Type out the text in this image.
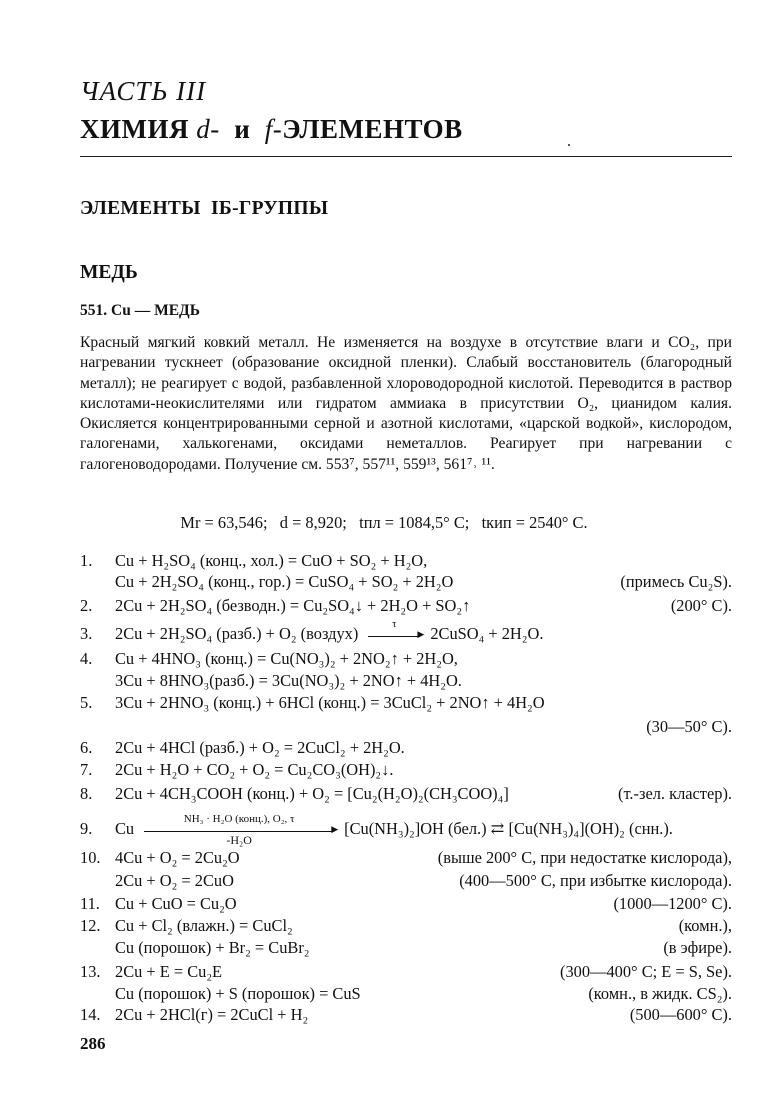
ЧАСТЬ III
ХИМИЯ d-  и  f-ЭЛЕМЕНТОВ
ЭЛЕМЕНТЫ  IБ-ГРУППЫ
МЕДЬ
551. Cu — МЕДЬ
Красный мягкий ковкий металл. Не изменяется на воздухе в отсутствие влаги и CO₂, при нагревании тускнеет (образование оксидной пленки). Слабый восстановитель (благородный металл); не реагирует с водой, разбавленной хлороводородной кислотой. Переводится в раствор кислотами-неокислителями или гидратом аммиака в присутствии O₂, цианидом калия. Окисляется концентрированными серной и азотной кислотами, «царской водкой», кислородом, галогенами, халькогенами, оксидами неметаллов. Реагирует при нагревании с галогеноводородами. Получение см. 553⁷, 557¹¹, 559¹³, 561⁷˒ ¹¹.
Mr = 63,546;   d = 8,920;   tпл = 1084,5° C;   tкип = 2540° C.
1. Cu + H₂SO₄ (конц., хол.) = CuO + SO₂ + H₂O,
Cu + 2H₂SO₄ (конц., гор.) = CuSO₄ + SO₂ + 2H₂O	(примесь Cu₂S).
2. 2Cu + 2H₂SO₄ (безводн.) = Cu₂SO₄↓ + 2H₂O + SO₂↑	(200° C).
3. 2Cu + 2H₂SO₄ (разб.) + O₂ (воздух)
τ
▶ 2CuSO₄ + 2H₂O.
4. Cu + 4HNO₃ (конц.) = Cu(NO₃)₂ + 2NO₂↑ + 2H₂O,
3Cu + 8HNO₃(разб.) = 3Cu(NO₃)₂ + 2NO↑ + 4H₂O.
5. 3Cu + 2HNO₃ (конц.) + 6HCl (конц.) = 3CuCl₂ + 2NO↑ + 4H₂O
(30—50° C).
6. 2Cu + 4HCl (разб.) + O₂ = 2CuCl₂ + 2H₂O.
7. 2Cu + H₂O + CO₂ + O₂ = Cu₂CO₃(OH)₂↓.
8. 2Cu + 4CH₃COOH (конц.) + O₂ = [Cu₂(H₂O)₂(CH₃COO)₄]	(т.-зел. кластер).
9. Cu
NH₃ · H₂O (конц.), O₂, τ
▶
-H₂O
[Cu(NH₃)₂]OH (бел.) ⇄ [Cu(NH₃)₄](OH)₂ (снн.).
10. 4Cu + O₂ = 2Cu₂O	(выше 200° C, при недостатке кислорода),
2Cu + O₂ = 2CuO	(400—500° C, при избытке кислорода).
11. Cu + CuO = Cu₂O	(1000—1200° C).
12. Cu + Cl₂ (влажн.) = CuCl₂	(комн.),
Cu (порошок) + Br₂ = CuBr₂	(в эфире).
13. 2Cu + E = Cu₂E	(300—400° C; E = S, Se).
Cu (порошок) + S (порошок) = CuS	(комн., в жидк. CS₂).
14. 2Cu + 2HCl(г) = 2CuCl + H₂	(500—600° C).
286
